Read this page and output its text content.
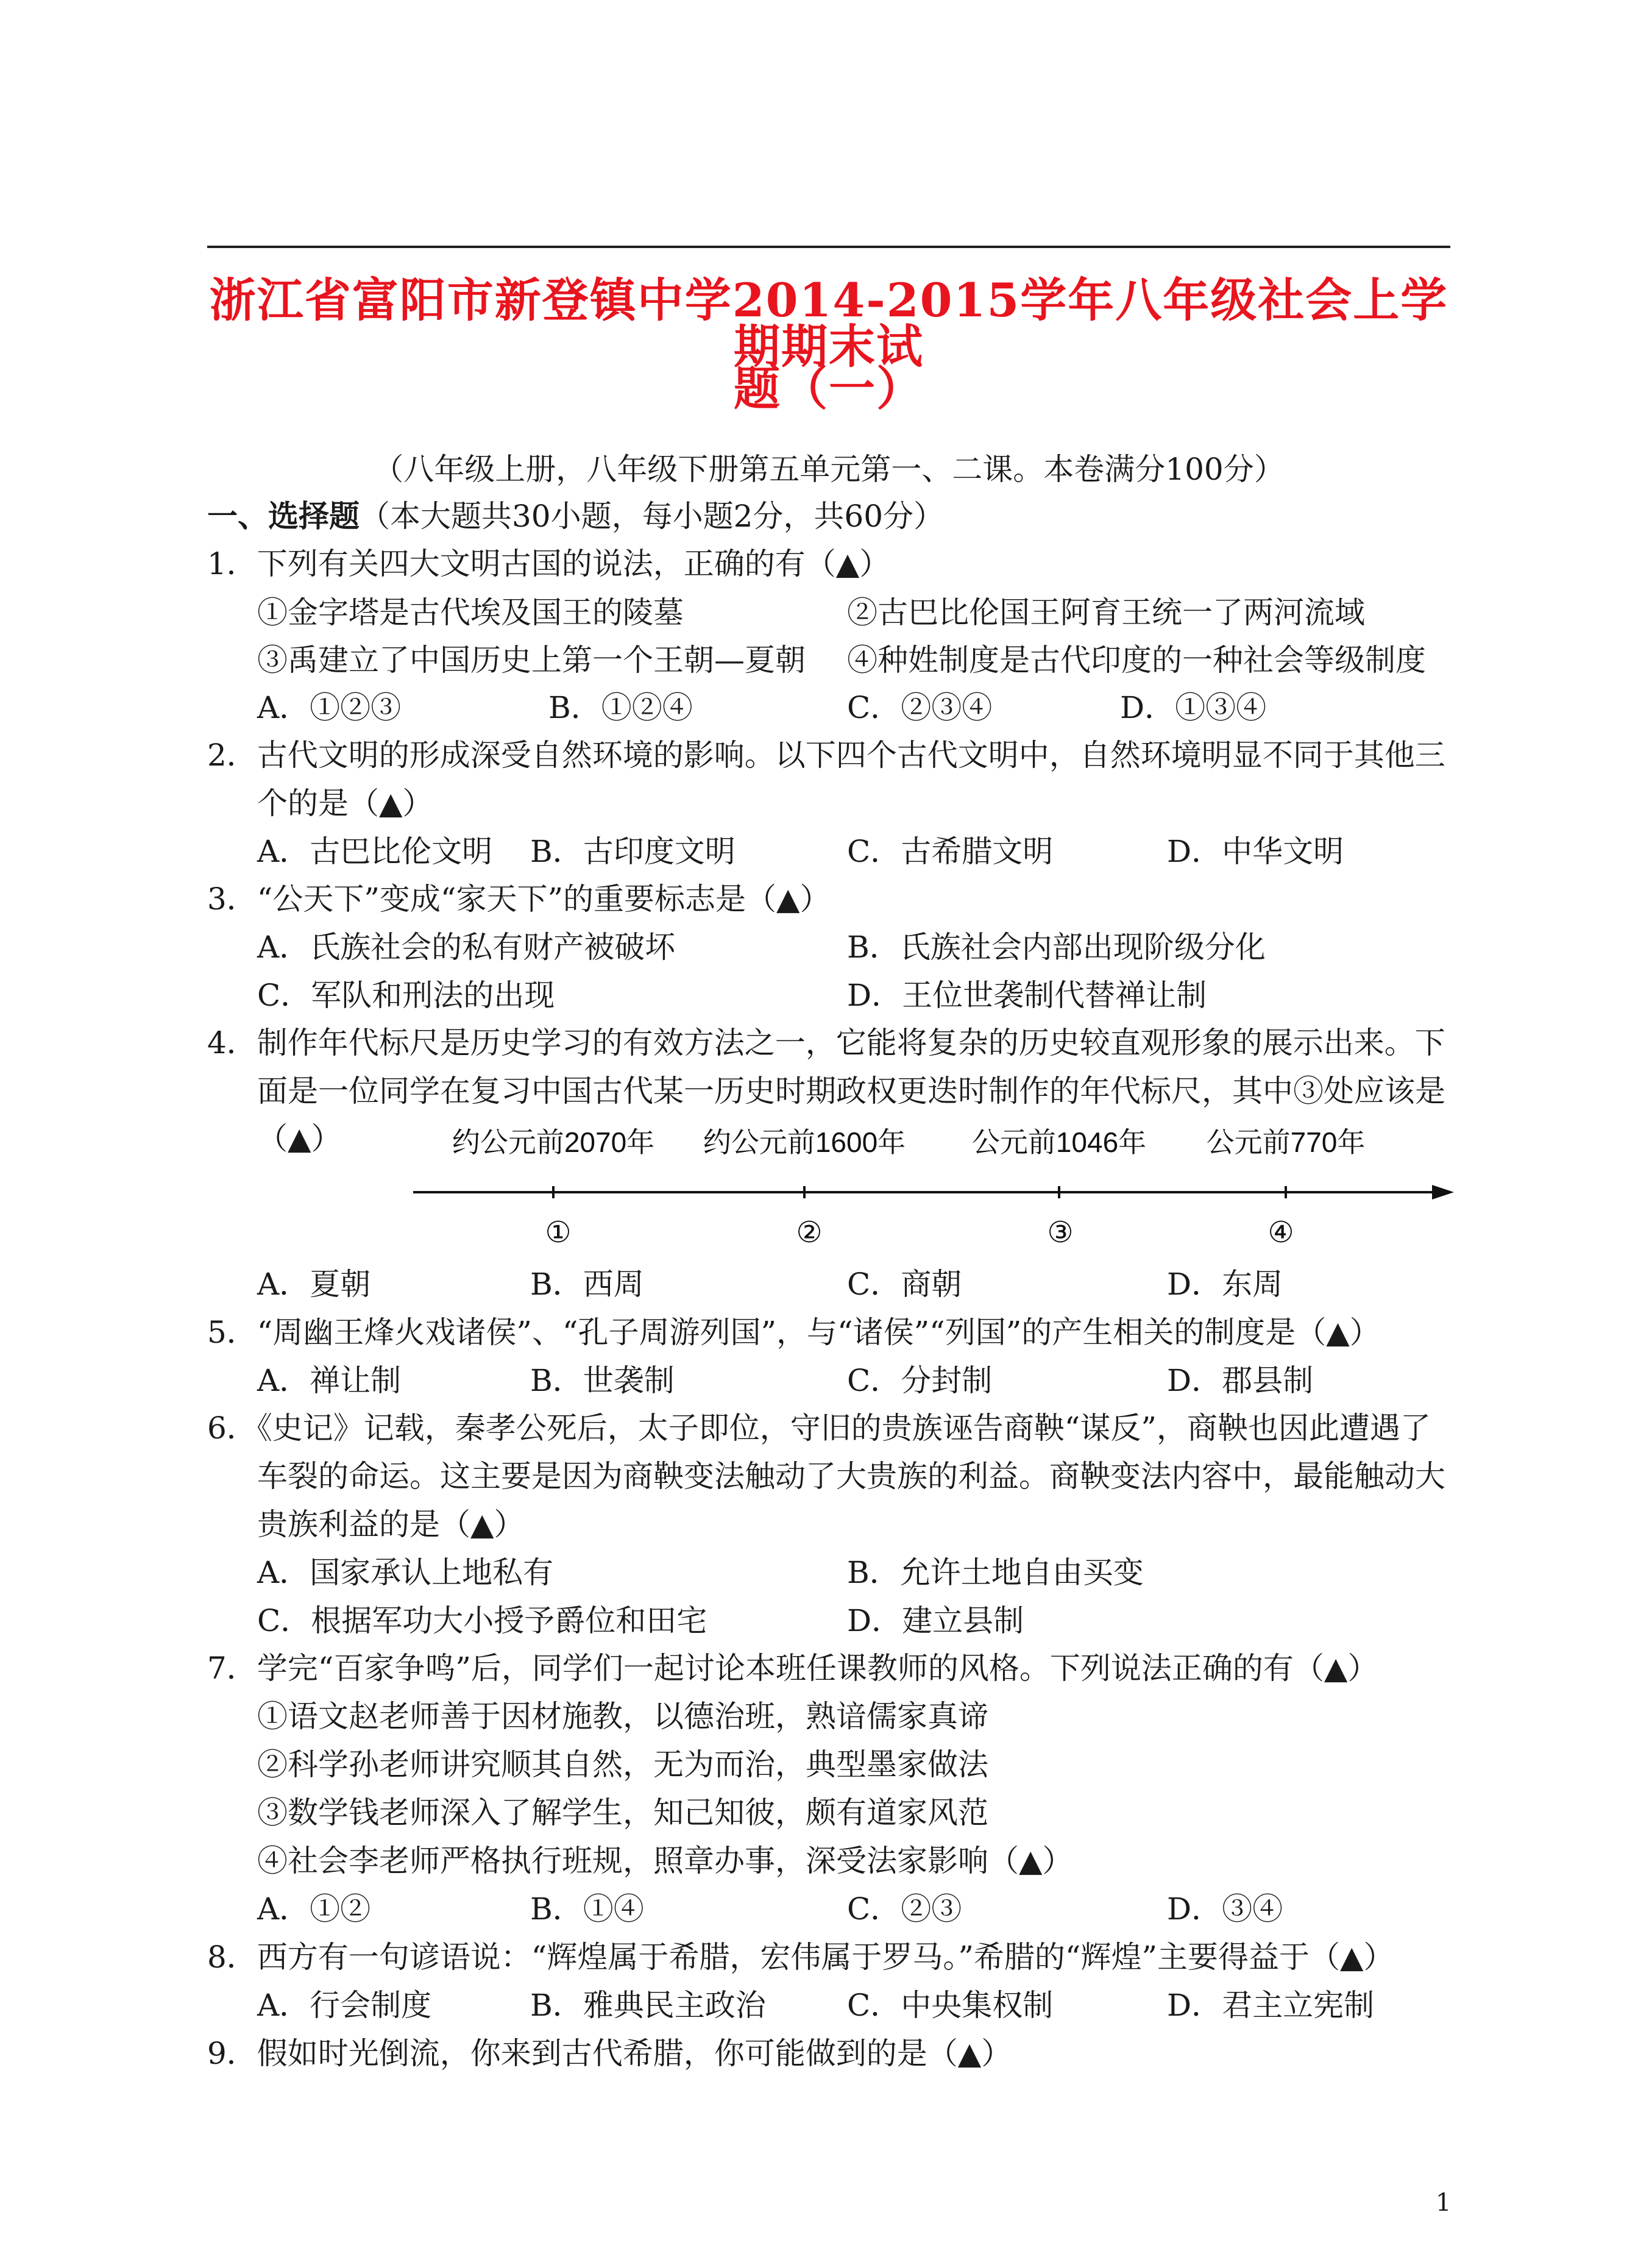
浙江省富阳市新登镇中学2014-2015学年八年级社会上学期期末试
题（一）
（八年级上册，八年级下册第五单元第一、二课。本卷满分100分）
一、选择题（本大题共30小题，每小题2分，共60分）
1．下列有关四大文明古国的说法，正确的有（▲）
①金字塔是古代埃及国王的陵墓	②古巴比伦国王阿育王统一了两河流域
③禹建立了中国历史上第一个王朝—夏朝 ④种姓制度是古代印度的一种社会等级制度
A．①②③	B．①②④	C．②③④	D．①③④
2．古代文明的形成深受自然环境的影响。以下四个古代文明中，自然环境明显不同于其他三
个的是（▲）
A．古巴比伦文明 B．古印度文明	C．古希腊文明	D．中华文明
3．“公天下”变成“家天下”的重要标志是（▲）
A．氏族社会的私有财产被破坏	B．氏族社会内部出现阶级分化
C．军队和刑法的出现	D．王位世袭制代替禅让制
4．制作年代标尺是历史学习的有效方法之一，它能将复杂的历史较直观形象的展示出来。下
面是一位同学在复习中国古代某一历史时期政权更迭时制作的年代标尺，其中③处应该是
（▲）	约公元前2070年 约公元前1600年 公元前1046年 公元前770年
①	②	③	④
A．夏朝	B．西周	C．商朝	D．东周
5．“周幽王烽火戏诸侯”、“孔子周游列国”，与“诸侯”“列国”的产生相关的制度是（▲）
A．禅让制	B．世袭制	C．分封制	D．郡县制
6．《史记》记载，秦孝公死后，太子即位，守旧的贵族诬告商鞅“谋反”，商鞅也因此遭遇了
车裂的命运。这主要是因为商鞅变法触动了大贵族的利益。商鞅变法内容中，最能触动大
贵族利益的是（▲）
A．国家承认上地私有	B．允许土地自由买变
C．根据军功大小授予爵位和田宅	D．建立县制
7．学完“百家争鸣”后，同学们一起讨论本班任课教师的风格。下列说法正确的有（▲）
①语文赵老师善于因材施教，以德治班，熟谙儒家真谛
②科学孙老师讲究顺其自然，无为而治，典型墨家做法
③数学钱老师深入了解学生，知己知彼，颇有道家风范
④社会李老师严格执行班规，照章办事，深受法家影响（▲）
A．①②	B．①④	C．②③	D．③④
8．西方有一句谚语说：“辉煌属于希腊，宏伟属于罗马。”希腊的“辉煌”主要得益于（▲）
A．行会制度	B．雅典民主政治	C．中央集权制	D．君主立宪制
9．假如时光倒流，你来到古代希腊，你可能做到的是（▲）
1
